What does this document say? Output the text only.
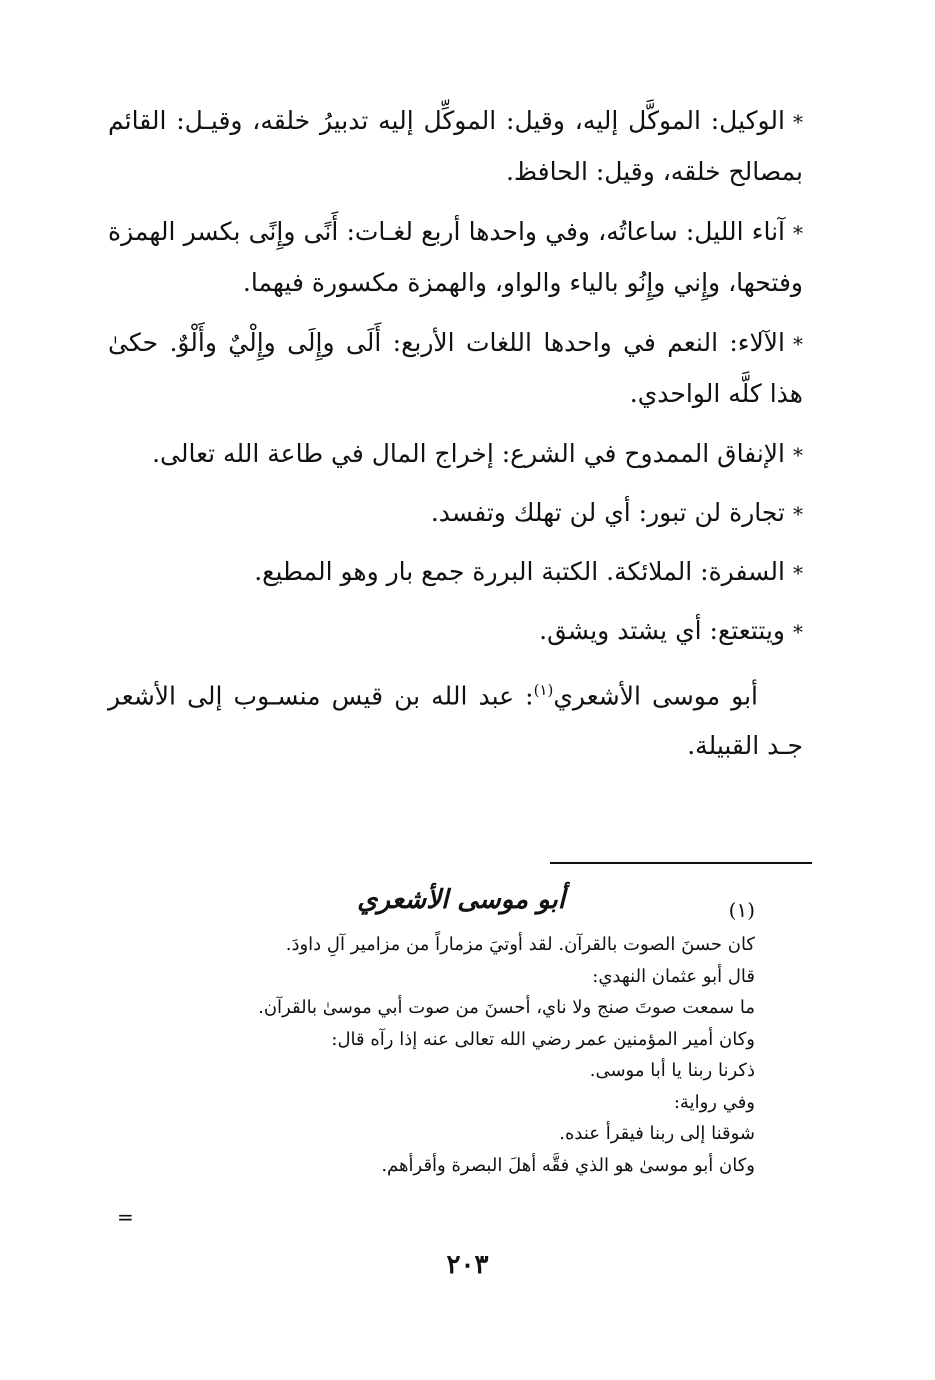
*الوكيل: الموكَّل إليه، وقيل: الموكِّل إليه تدبيرُ خلقه، وقيـل: القائم بمصالح خلقه، وقيل: الحافظ.

*آناء الليل: ساعاتُه، وفي واحدها أربع لغـات: أَنًى وإِنًى بكسر الهمزة وفتحها، وإِني وإِنُو بالياء والواو، والهمزة مكسورة فيهما.

*الآلاء: النعم في واحدها اللغات الأربع: أَلَى وإِلَى وإِلْيٌ وأَلْوٌ. حكىٰ هذا كلَّه الواحدي.

*الإنفاق الممدوح في الشرع: إخراج المال في طاعة الله تعالى.

*تجارة لن تبور: أي لن تهلك وتفسد.

*السفرة: الملائكة. الكتبة البررة جمع بار وهو المطيع.

*ويتتعتع: أي يشتد ويشق.

أبو موسى الأشعري$^{(١)}$: عبد الله بن قيس منسـوب إلى الأشعر جـد القبيلة.

(١)
أبو موسى الأشعري
كان حسنَ الصوت بالقرآن. لقد أوتيَ مزماراً من مزامير آلِ داودَ.
قال أبو عثمان النهدي:
ما سمعت صوتَ صنج ولا ناي، أحسنَ من صوت أبي موسىٰ بالقرآن.
وكان أمير المؤمنين عمر رضي الله تعالى عنه إذا رآه قال:
ذكرنا ربنا يا أبا موسى.
وفي رواية:
شوقنا إلى ربنا فيقرأ عنده.
وكان أبو موسىٰ هو الذي فقَّه أهلَ البصرة وأقرأهم.
=
٢٠٣
